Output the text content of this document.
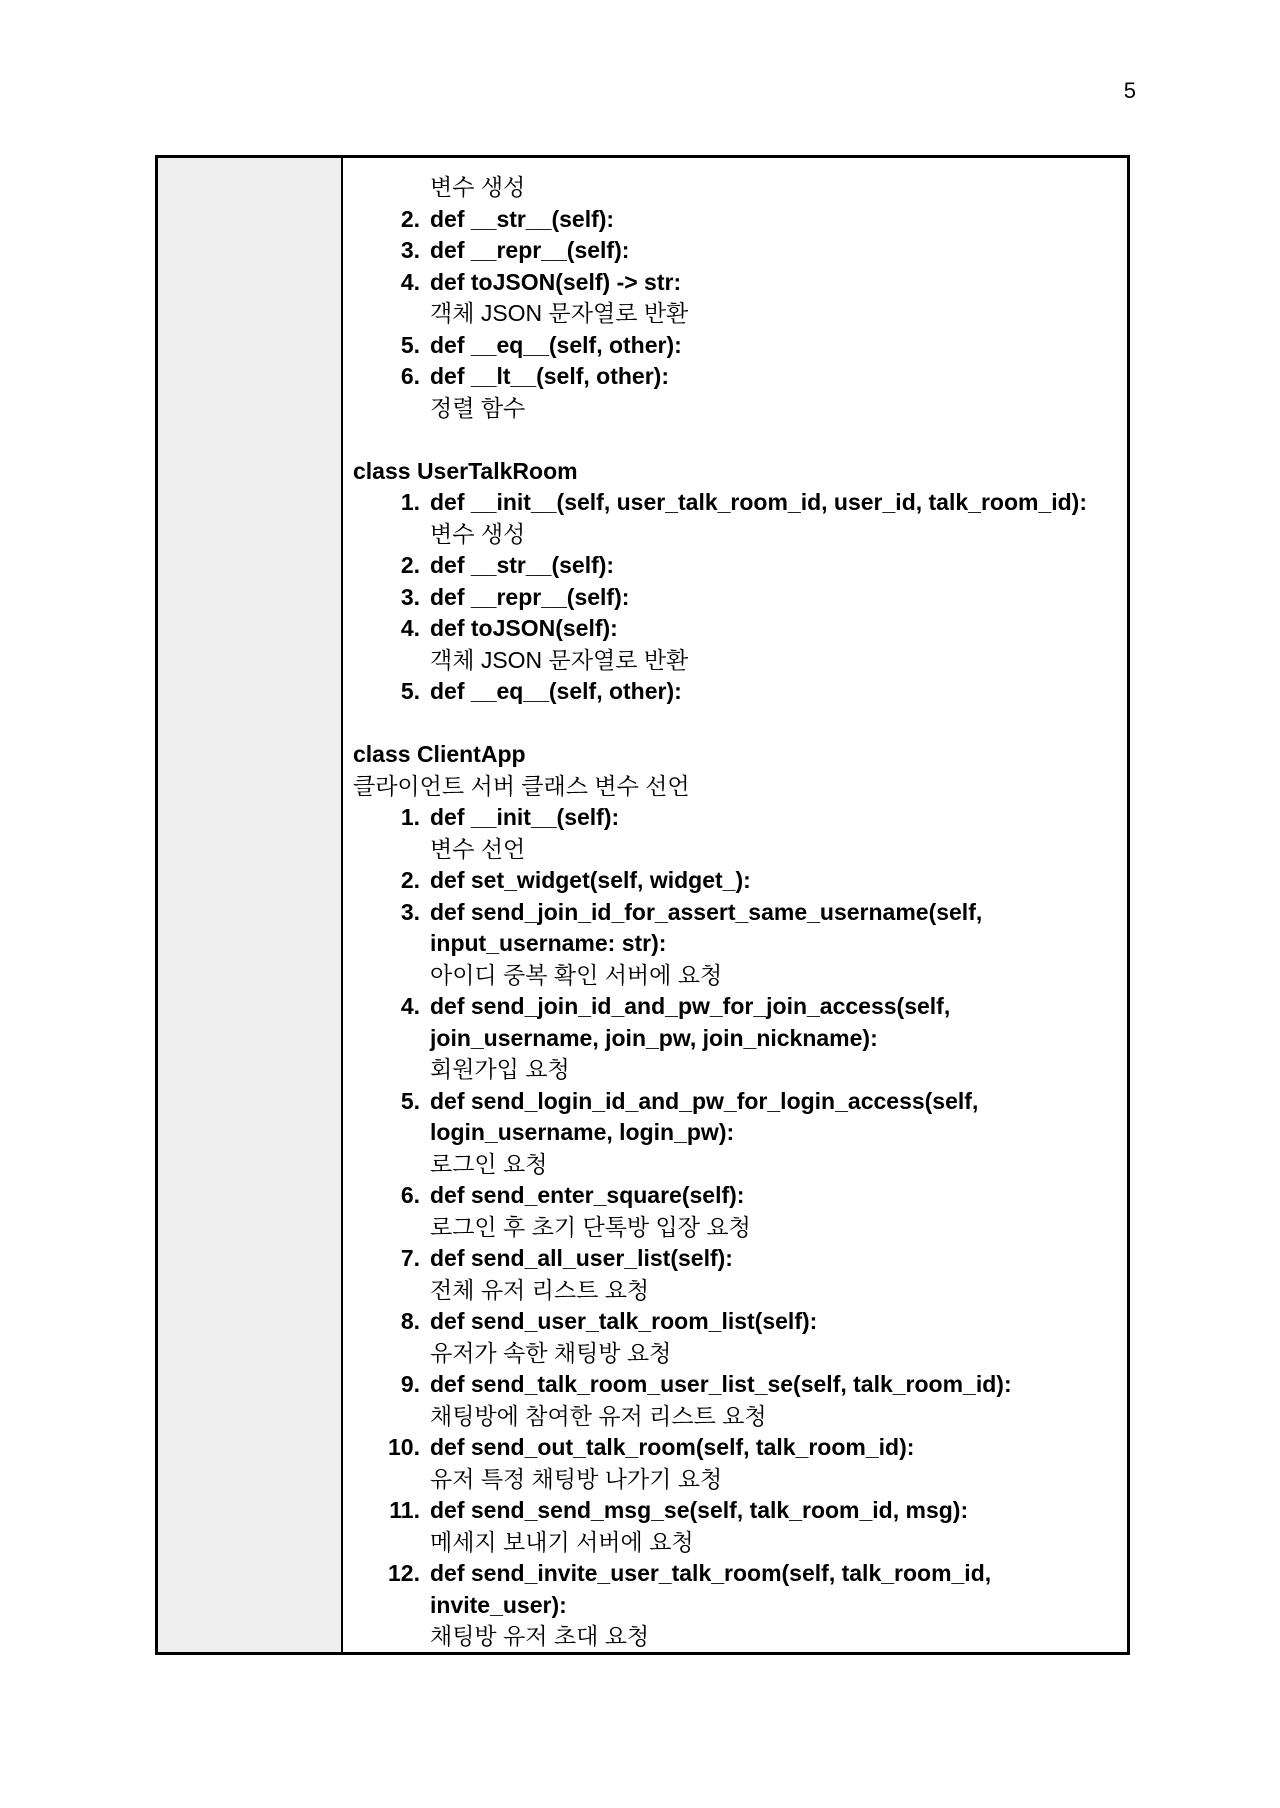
5
변수 생성
2. def __str__(self):
3. def __repr__(self):
4. def toJSON(self) -> str:
객체 JSON 문자열로 반환
5. def __eq__(self, other):
6. def __lt__(self, other):
정렬 함수
class UserTalkRoom
1. def __init__(self, user_talk_room_id, user_id, talk_room_id):
변수 생성
2. def __str__(self):
3. def __repr__(self):
4. def toJSON(self):
객체 JSON 문자열로 반환
5. def __eq__(self, other):
class ClientApp
클라이언트 서버 클래스 변수 선언
1. def __init__(self):
변수 선언
2. def set_widget(self, widget_):
3. def send_join_id_for_assert_same_username(self,
input_username: str):
아이디 중복 확인 서버에 요청
4. def send_join_id_and_pw_for_join_access(self,
join_username, join_pw, join_nickname):
회원가입 요청
5. def send_login_id_and_pw_for_login_access(self,
login_username, login_pw):
로그인 요청
6. def send_enter_square(self):
로그인 후 초기 단톡방 입장 요청
7. def send_all_user_list(self):
전체 유저 리스트 요청
8. def send_user_talk_room_list(self):
유저가 속한 채팅방 요청
9. def send_talk_room_user_list_se(self, talk_room_id):
채팅방에 참여한 유저 리스트 요청
10. def send_out_talk_room(self, talk_room_id):
유저 특정 채팅방 나가기 요청
11. def send_send_msg_se(self, talk_room_id, msg):
메세지 보내기 서버에 요청
12. def send_invite_user_talk_room(self, talk_room_id,
invite_user):
채팅방 유저 초대 요청
